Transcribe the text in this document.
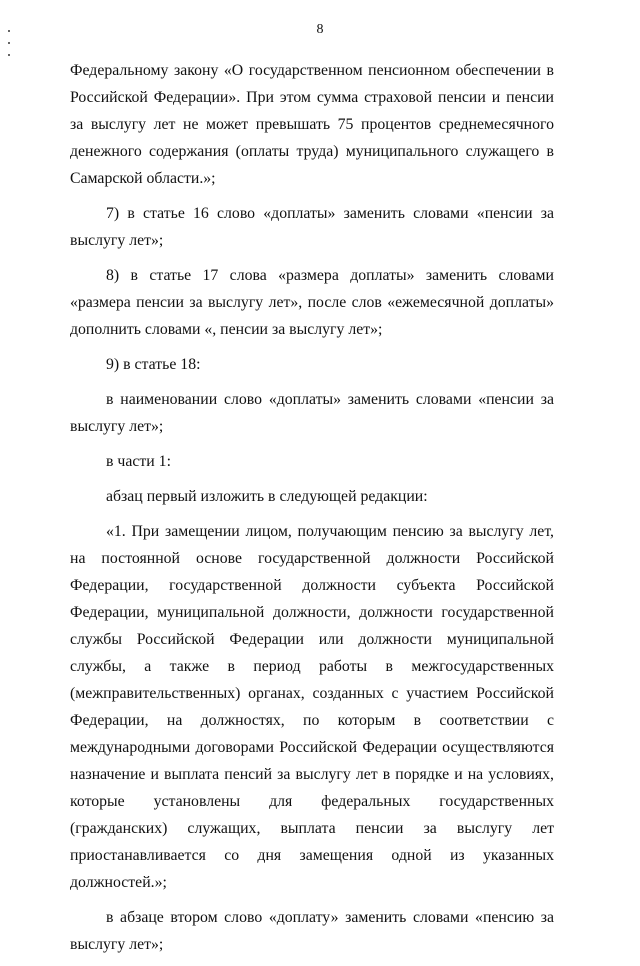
8

Федеральному закону «О государственном пенсионном обеспечении в Российской Федерации». При этом сумма страховой пенсии и пенсии за выслугу лет не может превышать 75 процентов среднемесячного денежного содержания (оплаты труда) муниципального служащего в Самарской области.»;

7) в статье 16 слово «доплаты» заменить словами «пенсии за выслугу лет»;

8) в статье 17 слова «размера доплаты» заменить словами «размера пенсии за выслугу лет», после слов «ежемесячной доплаты» дополнить словами «, пенсии за выслугу лет»;

9) в статье 18:

в наименовании слово «доплаты» заменить словами «пенсии за выслугу лет»;

в части 1:

абзац первый изложить в следующей редакции:

«1. При замещении лицом, получающим пенсию за выслугу лет, на постоянной основе государственной должности Российской Федерации, государственной должности субъекта Российской Федерации, муниципальной должности, должности государственной службы Российской Федерации или должности муниципальной службы, а также в период работы в межгосударственных (межправительственных) органах, созданных с участием Российской Федерации, на должностях, по которым в соответствии с международными договорами Российской Федерации осуществляются назначение и выплата пенсий за выслугу лет в порядке и на условиях, которые установлены для федеральных государственных (гражданских) служащих, выплата пенсии за выслугу лет приостанавливается со дня замещения одной из указанных должностей.»;

в абзаце втором слово «доплату» заменить словами «пенсию за выслугу лет»;
